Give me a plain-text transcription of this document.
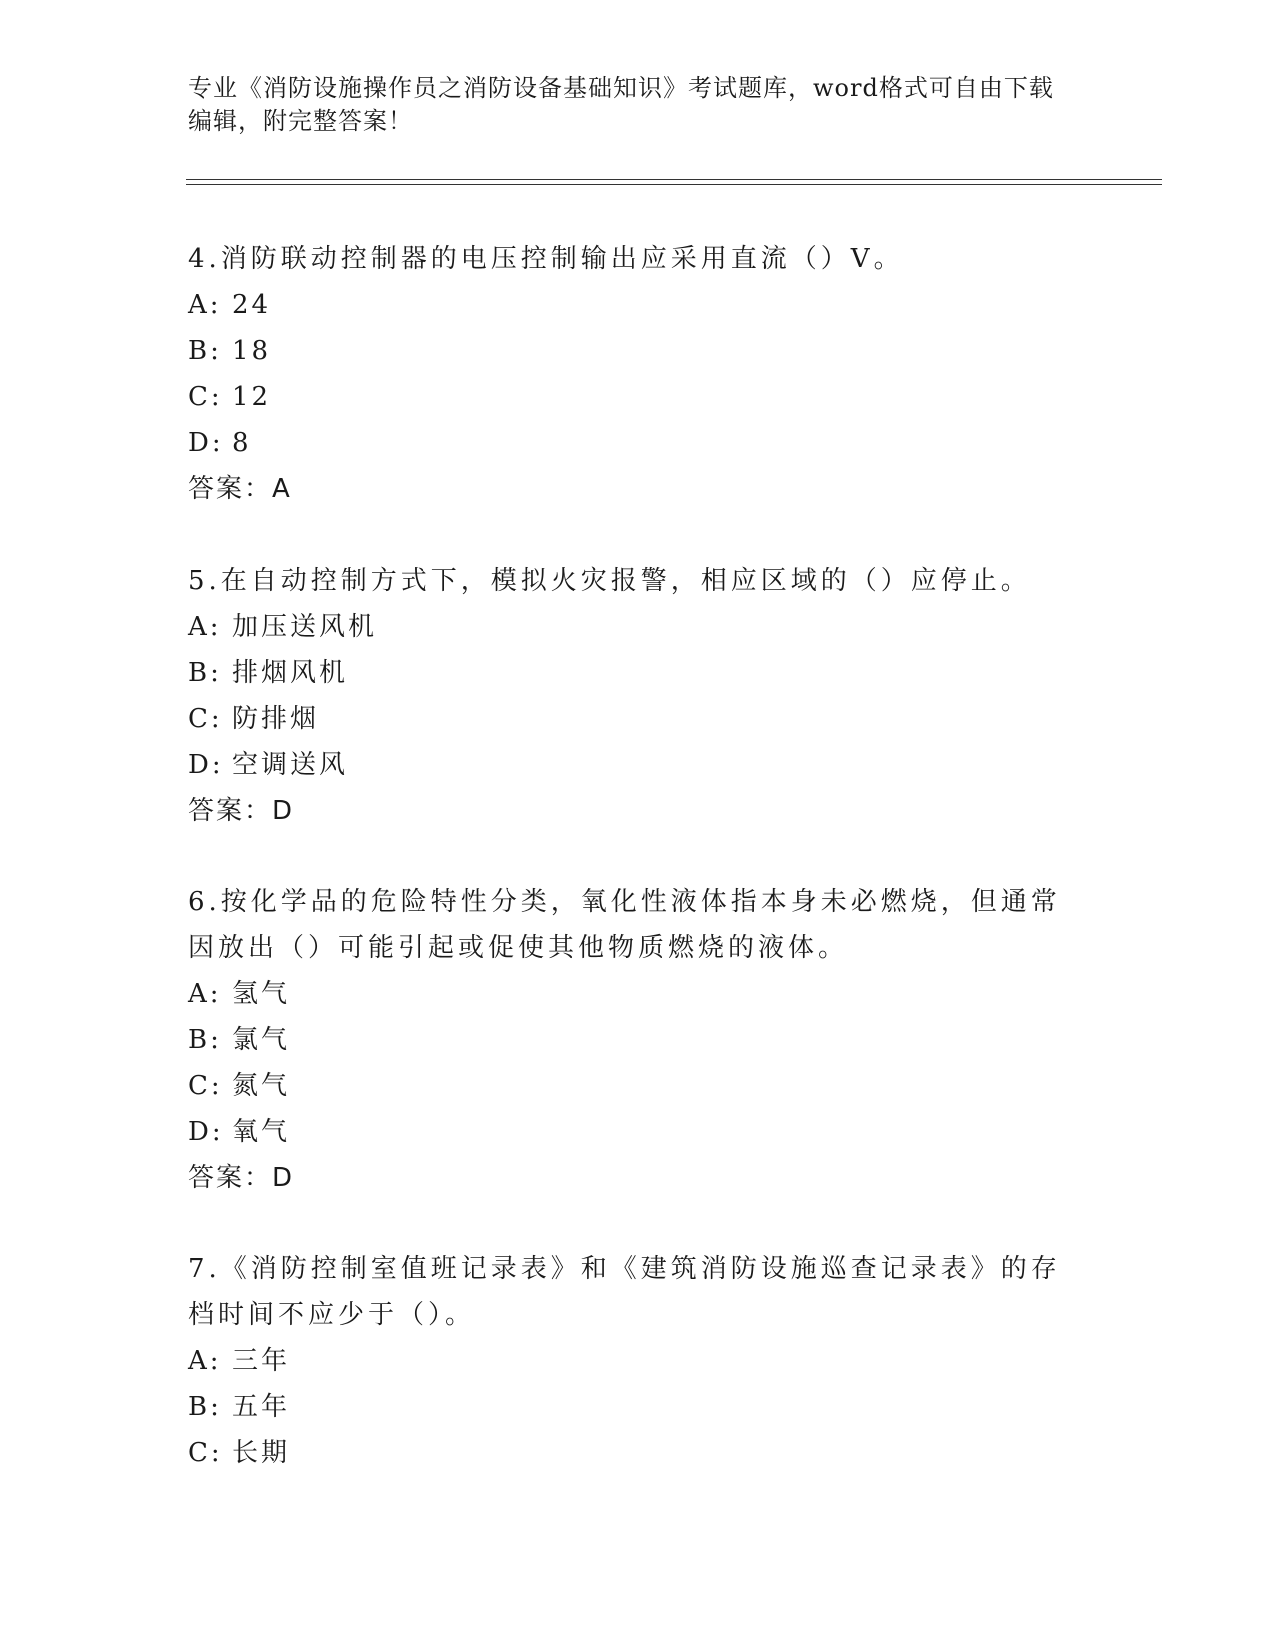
专业《消防设施操作员之消防设备基础知识》考试题库，word格式可自由下载编辑，附完整答案！

4.消防联动控制器的电压控制输出应采用直流（）V。

A: 24
B: 18
C: 12
D: 8
答案：A

5.在自动控制方式下，模拟火灾报警，相应区域的（）应停止。

A: 加压送风机
B: 排烟风机
C: 防排烟
D: 空调送风
答案：D

6.按化学品的危险特性分类，氧化性液体指本身未必燃烧，但通常因放出（）可能引起或促使其他物质燃烧的液体。

A: 氢气
B: 氯气
C: 氮气
D: 氧气
答案：D

7.《消防控制室值班记录表》和《建筑消防设施巡查记录表》的存档时间不应少于（）。

A: 三年
B: 五年
C: 长期
